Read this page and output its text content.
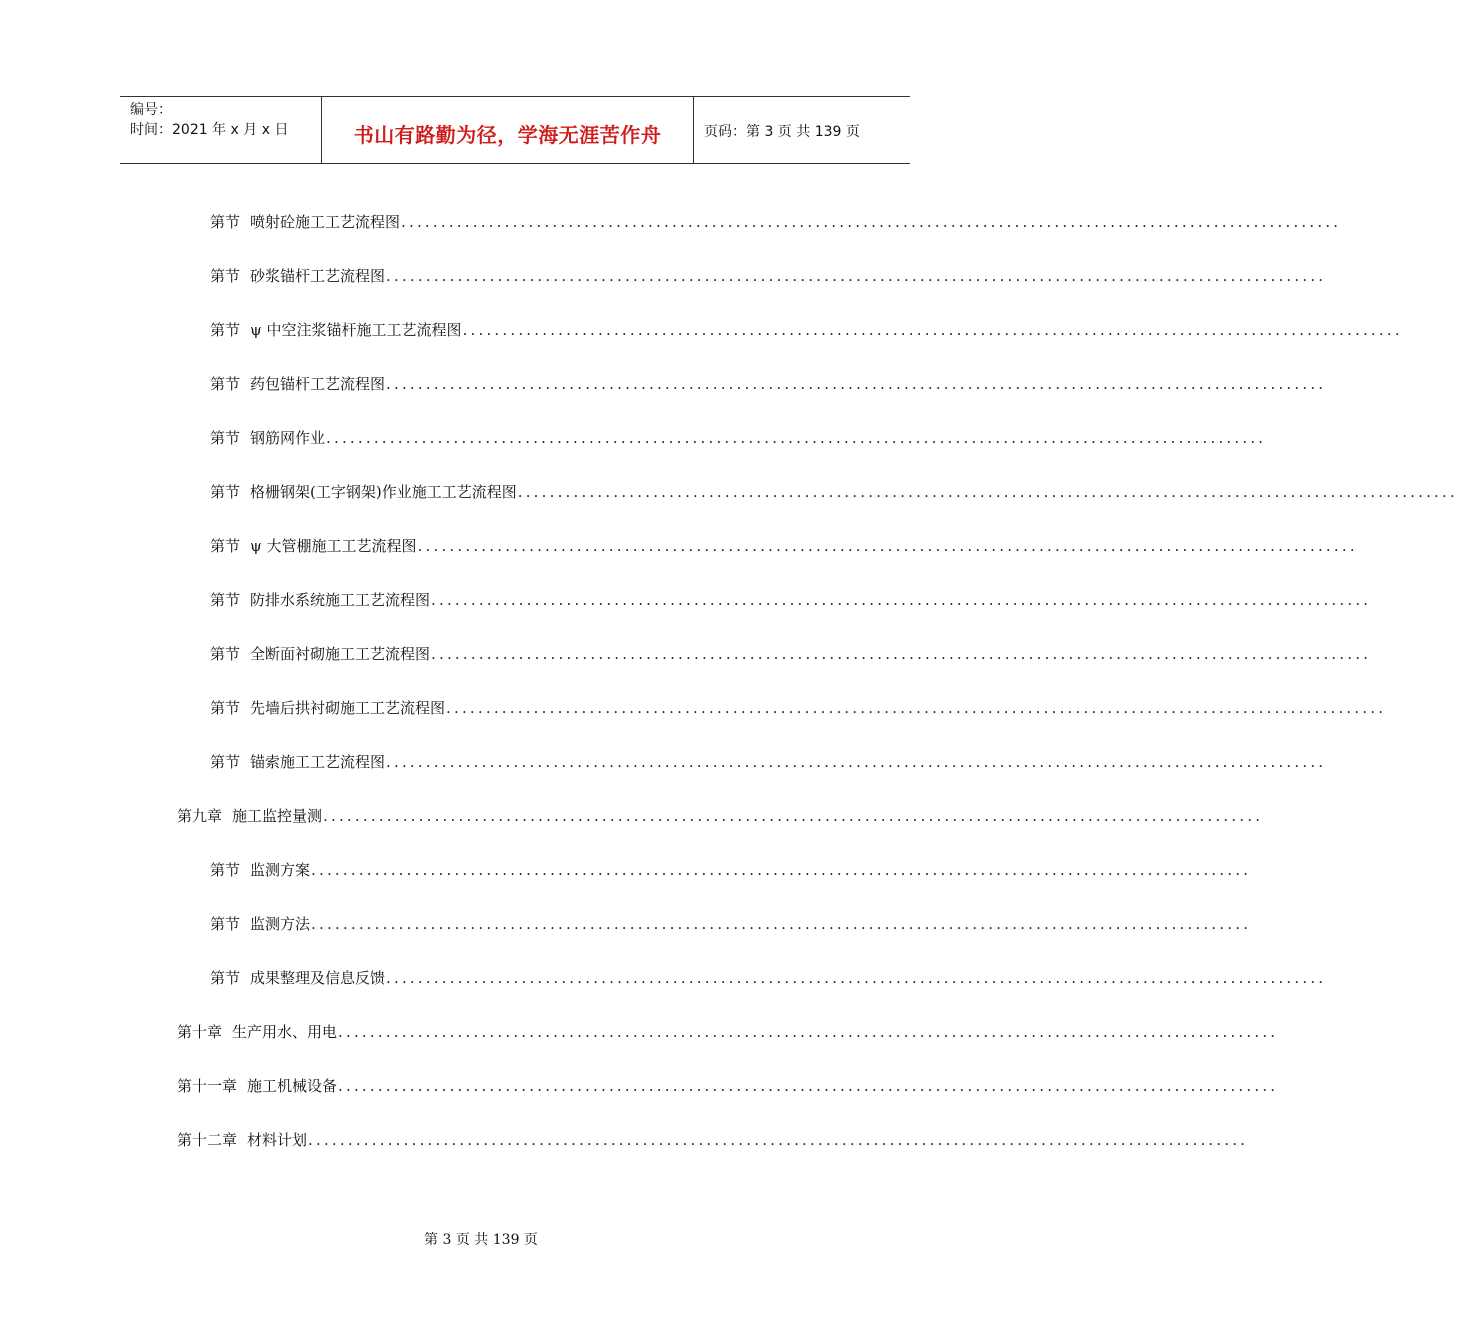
编号：
时间：2021 年 x 月 x 日	书山有路勤为径，学海无涯苦作舟	页码：第 3 页 共 139 页
第节 喷射砼施工工艺流程图 ......................................................................................................................
第节 砂浆锚杆工艺流程图 ......................................................................................................................
第节 ψ 中空注浆锚杆施工工艺流程图 ......................................................................................................................
第节 药包锚杆工艺流程图 ......................................................................................................................
第节 钢筋网作业 ......................................................................................................................
第节 格栅钢架(工字钢架)作业施工工艺流程图 ......................................................................................................................
第节 ψ 大管棚施工工艺流程图 ......................................................................................................................
第节 防排水系统施工工艺流程图 ......................................................................................................................
第节 全断面衬砌施工工艺流程图 ......................................................................................................................
第节 先墙后拱衬砌施工工艺流程图 ......................................................................................................................
第节 锚索施工工艺流程图 ......................................................................................................................
第九章 施工监控量测 ......................................................................................................................
第节 监测方案 ......................................................................................................................
第节 监测方法 ......................................................................................................................
第节 成果整理及信息反馈 ......................................................................................................................
第十章 生产用水、用电 ......................................................................................................................
第十一章 施工机械设备 ......................................................................................................................
第十二章 材料计划 ......................................................................................................................
第 3 页 共 139 页
